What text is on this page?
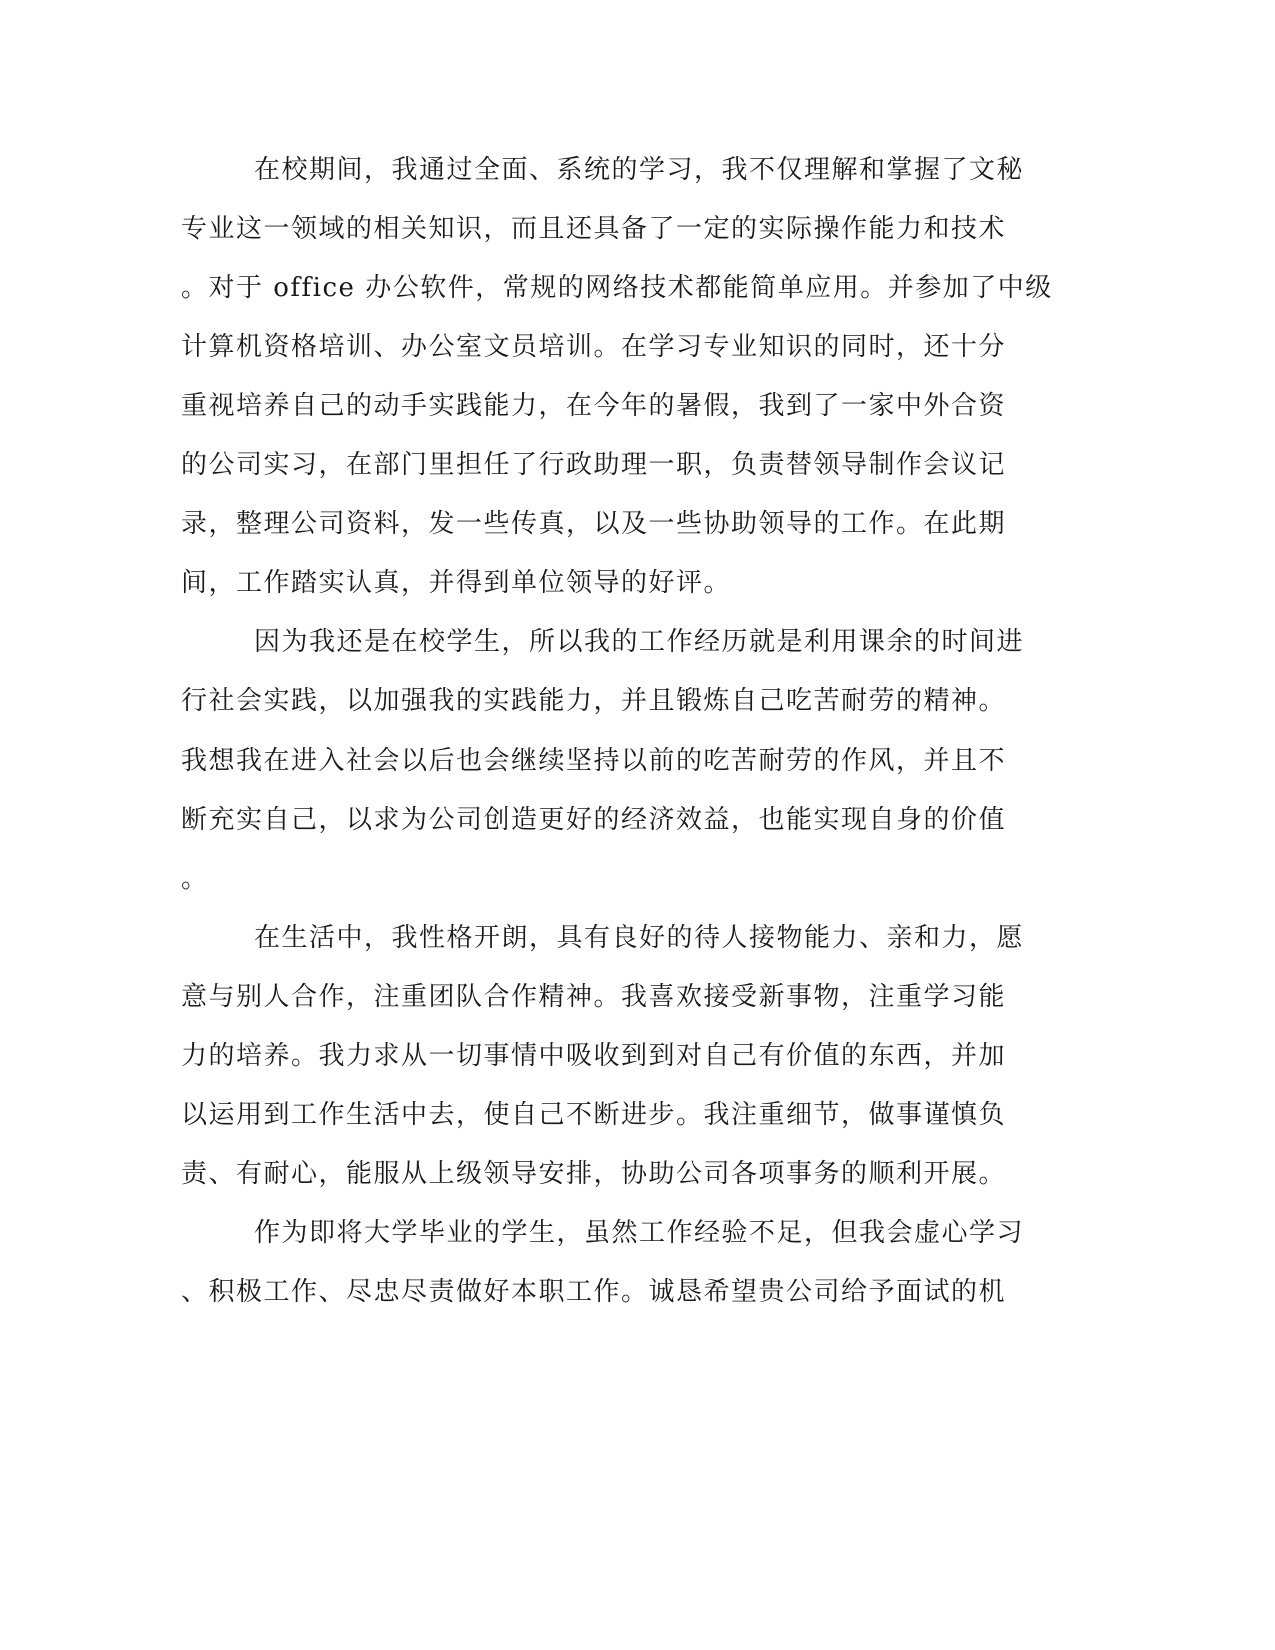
在校期间，我通过全面、系统的学习，我不仅理解和掌握了文秘
专业这一领域的相关知识，而且还具备了一定的实际操作能力和技术
。对于 office 办公软件，常规的网络技术都能简单应用。并参加了中级
计算机资格培训、办公室文员培训。在学习专业知识的同时，还十分
重视培养自己的动手实践能力，在今年的暑假，我到了一家中外合资
的公司实习，在部门里担任了行政助理一职，负责替领导制作会议记
录，整理公司资料，发一些传真，以及一些协助领导的工作。在此期
间，工作踏实认真，并得到单位领导的好评。
因为我还是在校学生，所以我的工作经历就是利用课余的时间进
行社会实践，以加强我的实践能力，并且锻炼自己吃苦耐劳的精神。
我想我在进入社会以后也会继续坚持以前的吃苦耐劳的作风，并且不
断充实自己，以求为公司创造更好的经济效益，也能实现自身的价值
。
在生活中，我性格开朗，具有良好的待人接物能力、亲和力，愿
意与别人合作，注重团队合作精神。我喜欢接受新事物，注重学习能
力的培养。我力求从一切事情中吸收到到对自己有价值的东西，并加
以运用到工作生活中去，使自己不断进步。我注重细节，做事谨慎负
责、有耐心，能服从上级领导安排，协助公司各项事务的顺利开展。
作为即将大学毕业的学生，虽然工作经验不足，但我会虚心学习
、积极工作、尽忠尽责做好本职工作。诚恳希望贵公司给予面试的机
